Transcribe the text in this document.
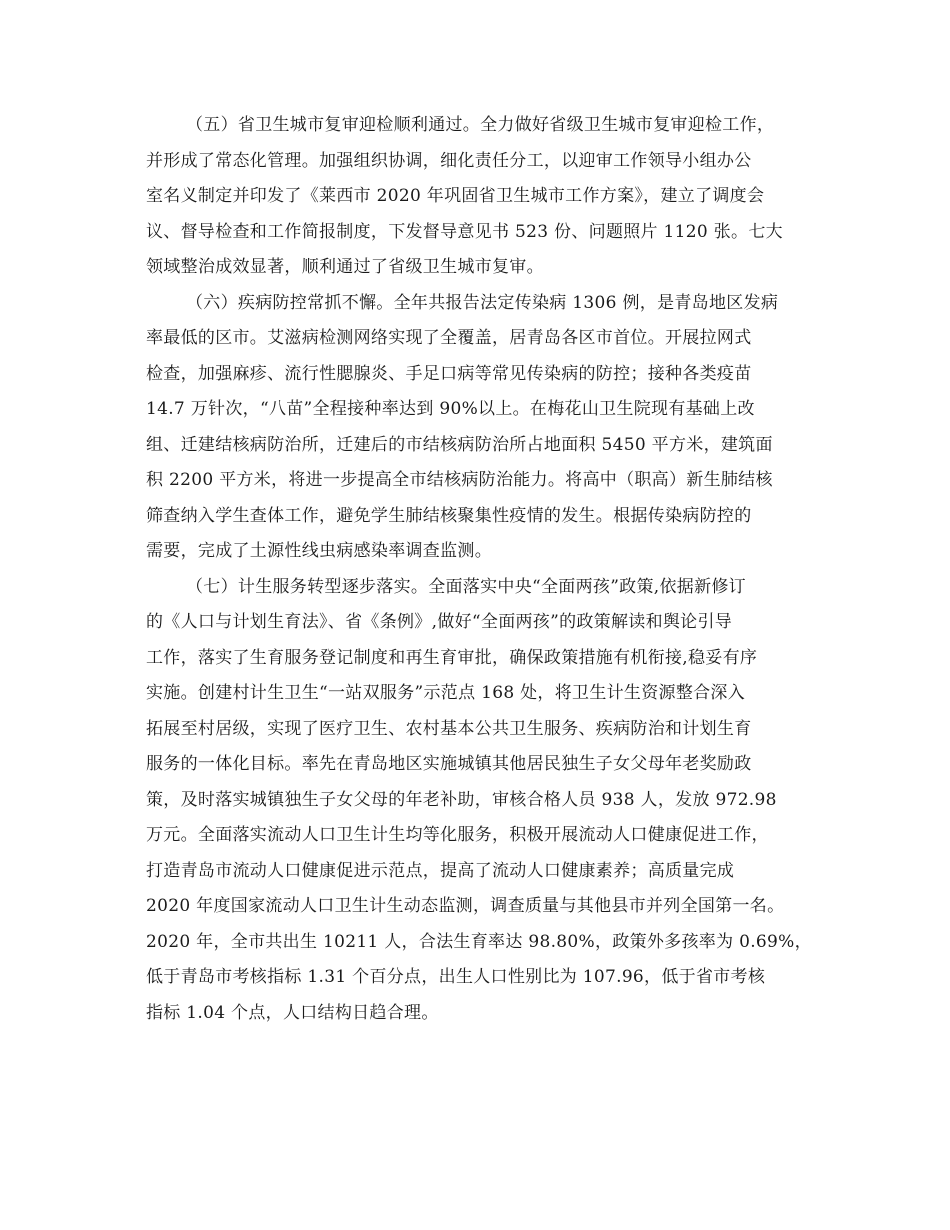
（五）省卫生城市复审迎检顺利通过。全力做好省级卫生城市复审迎检工作，
并形成了常态化管理。加强组织协调，细化责任分工，以迎审工作领导小组办公
室名义制定并印发了《莱西市 2020 年巩固省卫生城市工作方案》，建立了调度会
议、督导检查和工作简报制度，下发督导意见书 523 份、问题照片 1120 张。七大
领域整治成效显著，顺利通过了省级卫生城市复审。
（六）疾病防控常抓不懈。全年共报告法定传染病 1306 例，是青岛地区发病
率最低的区市。艾滋病检测网络实现了全覆盖，居青岛各区市首位。开展拉网式
检查，加强麻疹、流行性腮腺炎、手足口病等常见传染病的防控；接种各类疫苗
14.7 万针次，“八苗”全程接种率达到 90%以上。在梅花山卫生院现有基础上改
组、迁建结核病防治所，迁建后的市结核病防治所占地面积 5450 平方米，建筑面
积 2200 平方米，将进一步提高全市结核病防治能力。将高中（职高）新生肺结核
筛查纳入学生查体工作，避免学生肺结核聚集性疫情的发生。根据传染病防控的
需要，完成了土源性线虫病感染率调查监测。
（七）计生服务转型逐步落实。全面落实中央“全面两孩”政策,依据新修订
的《人口与计划生育法》、省《条例》,做好“全面两孩”的政策解读和舆论引导
工作，落实了生育服务登记制度和再生育审批，确保政策措施有机衔接,稳妥有序
实施。创建村计生卫生“一站双服务”示范点 168 处，将卫生计生资源整合深入
拓展至村居级，实现了医疗卫生、农村基本公共卫生服务、疾病防治和计划生育
服务的一体化目标。率先在青岛地区实施城镇其他居民独生子女父母年老奖励政
策，及时落实城镇独生子女父母的年老补助，审核合格人员 938 人，发放 972.98
万元。全面落实流动人口卫生计生均等化服务，积极开展流动人口健康促进工作，
打造青岛市流动人口健康促进示范点，提高了流动人口健康素养；高质量完成
2020 年度国家流动人口卫生计生动态监测，调查质量与其他县市并列全国第一名。
2020 年，全市共出生 10211 人，合法生育率达 98.80%，政策外多孩率为 0.69%，
低于青岛市考核指标 1.31 个百分点，出生人口性别比为 107.96，低于省市考核
指标 1.04 个点，人口结构日趋合理。
